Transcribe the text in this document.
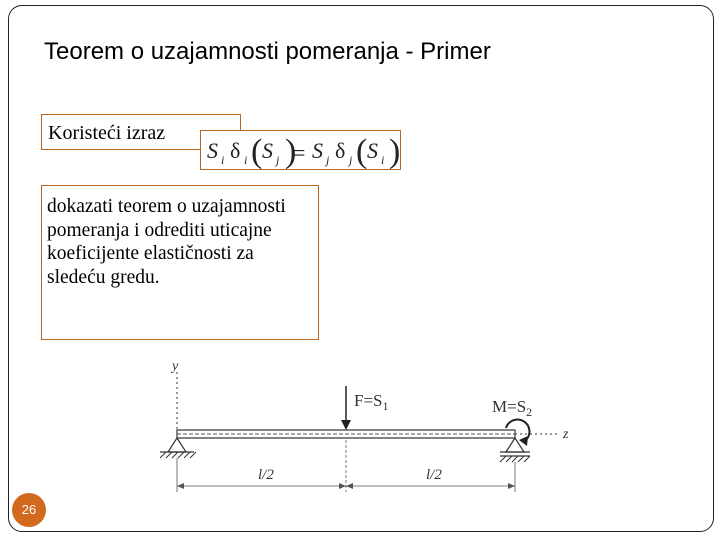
Teorem o uzajamnosti pomeranja - Primer
Koristeći izraz
S i δ i ( S j )
= S j δ j ( S i )

dokazati teorem o uzajamnosti pomeranja i odrediti uticajne koeficijente elastičnosti za sledeću gredu.

y
z
$F=S_1$	$M=S_2$
l/2	l/2
26
